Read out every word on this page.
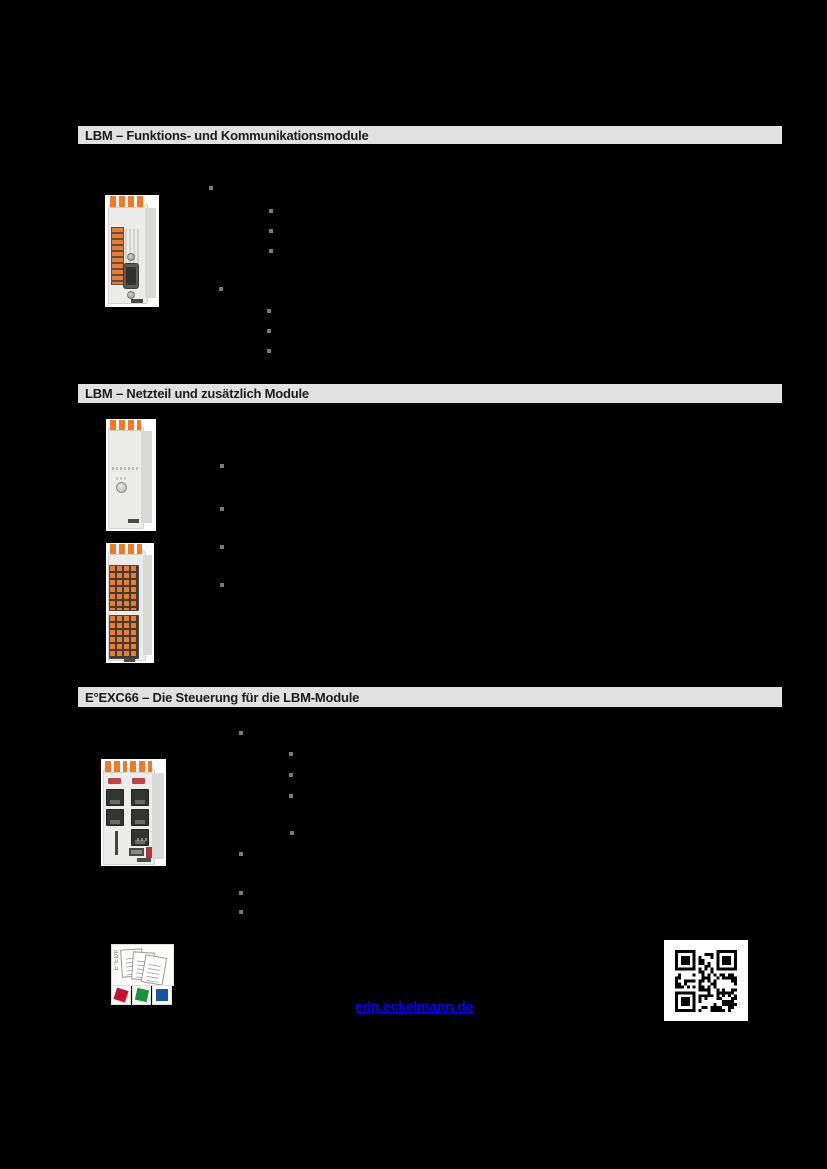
LBM – Funktions- und Kommunikationsmodule
LBM – Netzteil und zusätzlich Module
E°EXC66 – Die Steuerung für die LBM-Module
E°EDP
edp.eckelmann.de
